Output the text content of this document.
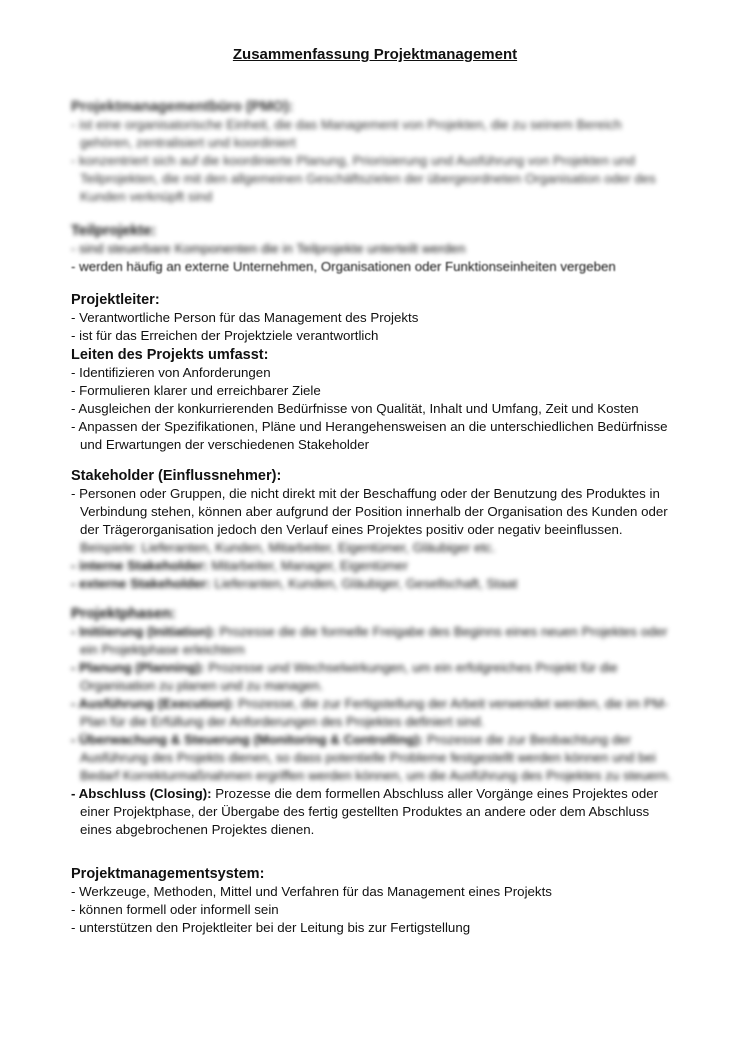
Zusammenfassung Projektmanagement

Projektmanagementbüro (PMO):

- ist eine organisatorische Einheit, die das Management von Projekten, die zu seinem Bereich gehören, zentralisiert und koordiniert

- konzentriert sich auf die koordinierte Planung, Priorisierung und Ausführung von Projekten und Teilprojekten, die mit den allgemeinen Geschäftszielen der übergeordneten Organisation oder des Kunden verknüpft sind

Teilprojekte:

- sind steuerbare Komponenten die in Teilprojekte unterteilt werden

- werden häufig an externe Unternehmen, Organisationen oder Funktionseinheiten vergeben

Projektleiter:

- Verantwortliche Person für das Management des Projekts

- ist für das Erreichen der Projektziele verantwortlich

Leiten des Projekts umfasst:

- Identifizieren von Anforderungen

- Formulieren klarer und erreichbarer Ziele

- Ausgleichen der konkurrierenden Bedürfnisse von Qualität, Inhalt und Umfang, Zeit und Kosten

- Anpassen der Spezifikationen, Pläne und Herangehensweisen an die unterschiedlichen Bedürfnisse und Erwartungen der verschiedenen Stakeholder

Stakeholder (Einflussnehmer):

- Personen oder Gruppen, die nicht direkt mit der Beschaffung oder der Benutzung des Produktes in Verbindung stehen, können aber aufgrund der Position innerhalb der Organisation des Kunden oder der Trägerorganisation jedoch den Verlauf eines Projektes positiv oder negativ beeinflussen.

Beispiele: Lieferanten, Kunden, Mitarbeiter, Eigentümer, Gläubiger etc.

- interne Stakeholder: Mitarbeiter, Manager, Eigentümer

- externe Stakeholder: Lieferanten, Kunden, Gläubiger, Gesellschaft, Staat

Projektphasen:

- Initiierung (Initiation): Prozesse die die formelle Freigabe des Beginns eines neuen Projektes oder ein Projektphase erleichtern

- Planung (Planning): Prozesse und Wechselwirkungen, um ein erfolgreiches Projekt für die Organisation zu planen und zu managen.

- Ausführung (Execution): Prozesse, die zur Fertigstellung der Arbeit verwendet werden, die im PM-Plan für die Erfüllung der Anforderungen des Projektes definiert sind.

- Überwachung & Steuerung (Monitoring & Controlling): Prozesse die zur Beobachtung der Ausführung des Projekts dienen, so dass potentielle Probleme festgestellt werden können und bei Bedarf Korrekturmaßnahmen ergriffen werden können, um die Ausführung des Projektes zu steuern.

- Abschluss (Closing): Prozesse die dem formellen Abschluss aller Vorgänge eines Projektes oder einer Projektphase, der Übergabe des fertig gestellten Produktes an andere oder dem Abschluss eines abgebrochenen Projektes dienen.

Projektmanagementsystem:

- Werkzeuge, Methoden, Mittel und Verfahren für das Management eines Projekts

- können formell oder informell sein

- unterstützen den Projektleiter bei der Leitung bis zur Fertigstellung
